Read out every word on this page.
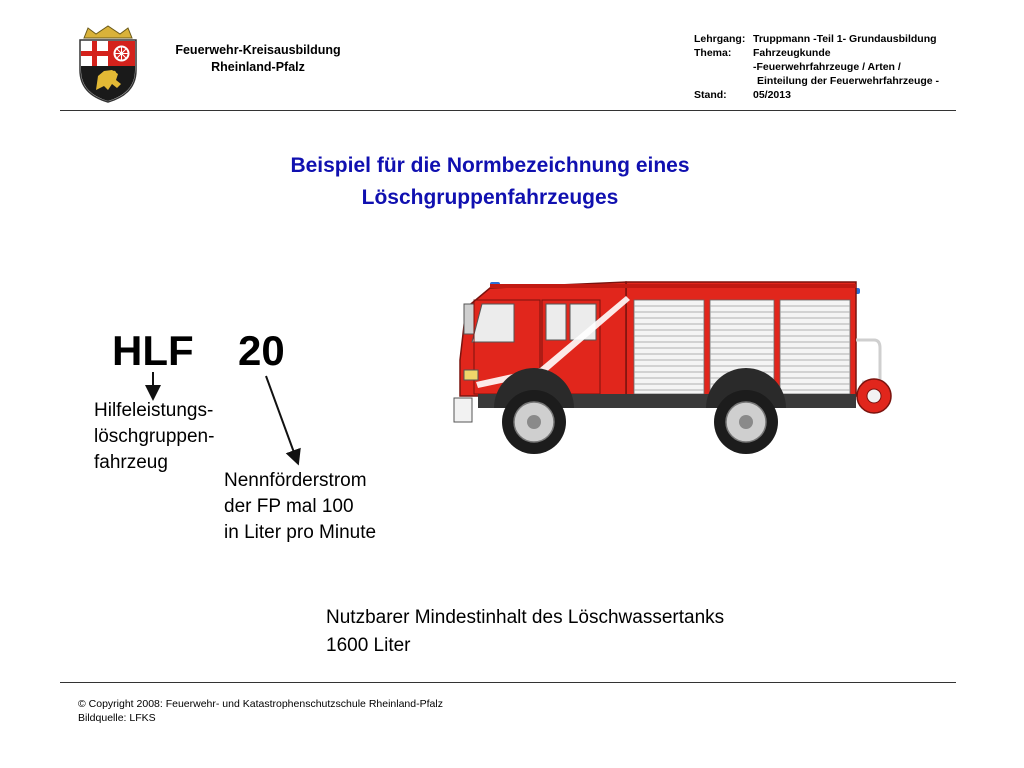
Feuerwehr-Kreisausbildung
Rheinland-Pfalz
Lehrgang: Truppmann -Teil 1- Grundausbildung
Thema: Fahrzeugkunde
-Feuerwehrfahrzeuge / Arten /
Einteilung der Feuerwehrfahrzeuge -
Stand:	05/2013
Beispiel für die Normbezeichnung eines
Löschgruppenfahrzeuges
HLF 20
Hilfeleistungs-
löschgruppen-
fahrzeug
Nennförderstrom
der FP mal 100
in Liter pro Minute
Nutzbarer Mindestinhalt des Löschwassertanks
1600 Liter
© Copyright 2008: Feuerwehr- und Katastrophenschutzschule Rheinland-Pfalz
Bildquelle: LFKS
